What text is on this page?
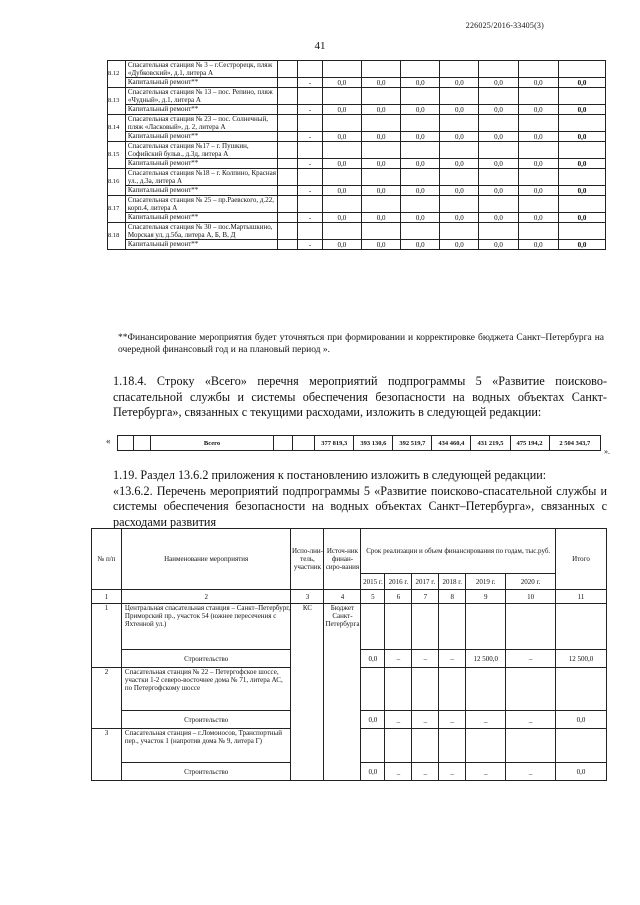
226025/2016-33405(3)
41
8.12	Спасательная станция № 3 – г.Сестрорецк, пляж «Дубковский», д.1, литера А									
	Капитальный ремонт**		-	0,0	0,0	0,0	0,0	0,0	0,0	0,0
8.13	Спасательная станция № 13 – пос. Репино, пляж «Чудный», д.1, литера А									
	Капитальный ремонт**		-	0,0	0,0	0,0	0,0	0,0	0,0	0,0
8.14	Спасательная станция № 23 – пос. Солнечный, пляж «Ласковый», д. 2, литера А									
	Капитальный ремонт**		-	0,0	0,0	0,0	0,0	0,0	0,0	0,0
8.15	Спасательная станция №17 – г. Пушкин, Софийский бульв., д.3д, литера А									
	Капитальный ремонт**		-	0,0	0,0	0,0	0,0	0,0	0,0	0,0
8.16	Спасательная станция №18 – г. Колпино, Красная ул., д.3а, литера А									
	Капитальный ремонт**		-	0,0	0,0	0,0	0,0	0,0	0,0	0,0
8.17	Спасательная станция № 25 – пр.Раевского, д.22, корп.4, литера А									
	Капитальный ремонт**		-	0,0	0,0	0,0	0,0	0,0	0,0	0,0
8.18	Спасательная станция № 30 – пос.Мартышкино, Морская ул, д.5ба, литера А, Б, В, Д									
	Капитальный ремонт**		-	0,0	0,0	0,0	0,0	0,0	0,0	0,0
**Финансирование мероприятия будет уточняться при формировании и корректировке бюджета Санкт–Петербурга на очередной финансовый год и на плановый период ».
1.18.4. Строку «Всего» перечня мероприятий подпрограммы 5 «Развитие поисково-спасательной службы и системы обеспечения безопасности на водных объектах Санкт-Петербурга», связанных с текущими расходами, изложить в следующей редакции:
«
			Всего			377 819,3	393 130,6	392 519,7	434 460,4	431 219,5	475 194,2	2 504 343,7
».
1.19. Раздел 13.6.2 приложения к постановлению изложить в следующей редакции:
«13.6.2. Перечень мероприятий подпрограммы 5 «Развитие поисково-спасательной службы и системы обеспечения безопасности на водных объектах Санкт–Петербурга», связанных с расходами развития
№ п/п	Наименование мероприятия	Испо-лни-тель, участник	Источ-ник финан-сиро-вания	Срок реализации и объем финансирования по годам, тыс.руб.						Итого
				2015 г.	2016 г.	2017 г.	2018 г.	2019 г.	2020 г.	
1	2	3	4	5	6	7	8	9	10	11
1	Центральная спасательная станция – Санкт–Петербург, Приморский пр., участок 54 (южнее пересечения с Яхтенной ул.)	КС	Бюджет Санкт-Петербурга							
	Строительство			0,0	–	–	–	12 500,0	–	12 500,0
2	Спасательная станция № 22 – Петергофское шоссе, участки 1-2 северо-восточнее дома № 71, литера АС, по Петергофскому шоссе									
	Строительство			0,0	_	_	_	_	_	0,0
3	Спасательная станция – г.Ломоносов, Транспортный пер., участок 1 (напротив дома № 9, литера Г)									
	Строительство			0,0	_	_	_	_	_	0,0
